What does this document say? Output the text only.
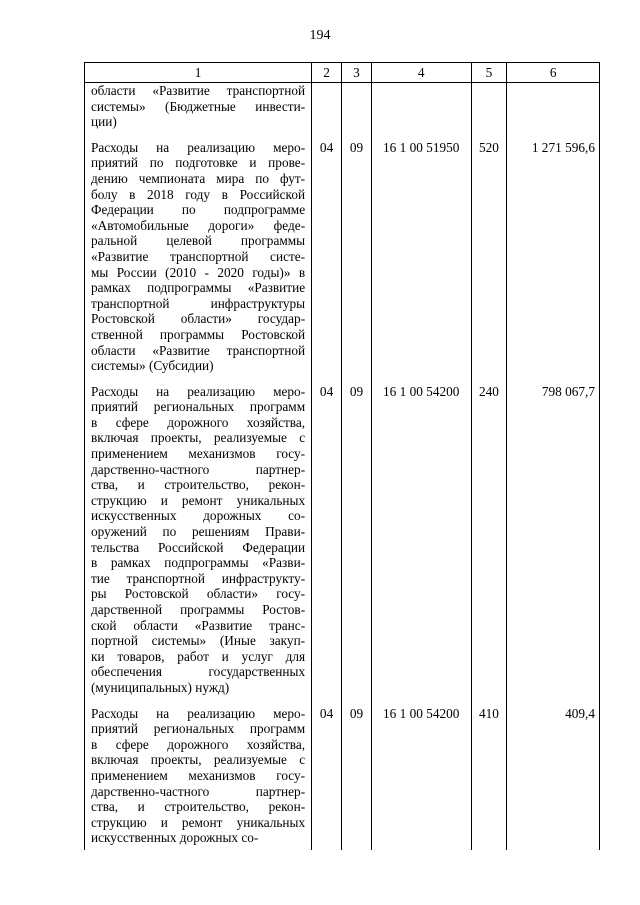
194
1	2	3	4	5	6
области «Развитие транспортной
системы» (Бюджетные инвести-
ции)
Расходы на реализацию меро-
приятий по подготовке и прове-
дению чемпионата мира по фут-
болу в 2018 году в Российской
Федерации по подпрограмме
«Автомобильные дороги» феде-
ральной целевой программы
«Развитие транспортной систе-
мы России (2010 - 2020 годы)» в
рамках подпрограммы «Развитие
транспортной инфраструктуры
Ростовской области» государ-
ственной программы Ростовской
области «Развитие транспортной
системы» (Субсидии)
04	09	16 1 00 51950	520	1 271 596,6
Расходы на реализацию меро-
приятий региональных программ
в сфере дорожного хозяйства,
включая проекты, реализуемые с
применением механизмов госу-
дарственно-частного партнер-
ства, и строительство, рекон-
струкцию и ремонт уникальных
искусственных дорожных со-
оружений по решениям Прави-
тельства Российской Федерации
в рамках подпрограммы «Разви-
тие транспортной инфраструкту-
ры Ростовской области» госу-
дарственной программы Ростов-
ской области «Развитие транс-
портной системы» (Иные закуп-
ки товаров, работ и услуг для
обеспечения государственных
(муниципальных) нужд)
04	09	16 1 00 54200	240	798 067,7
Расходы на реализацию меро-
приятий региональных программ
в сфере дорожного хозяйства,
включая проекты, реализуемые с
применением механизмов госу-
дарственно-частного партнер-
ства, и строительство, рекон-
струкцию и ремонт уникальных
искусственных дорожных со-
04	09	16 1 00 54200	410	409,4
